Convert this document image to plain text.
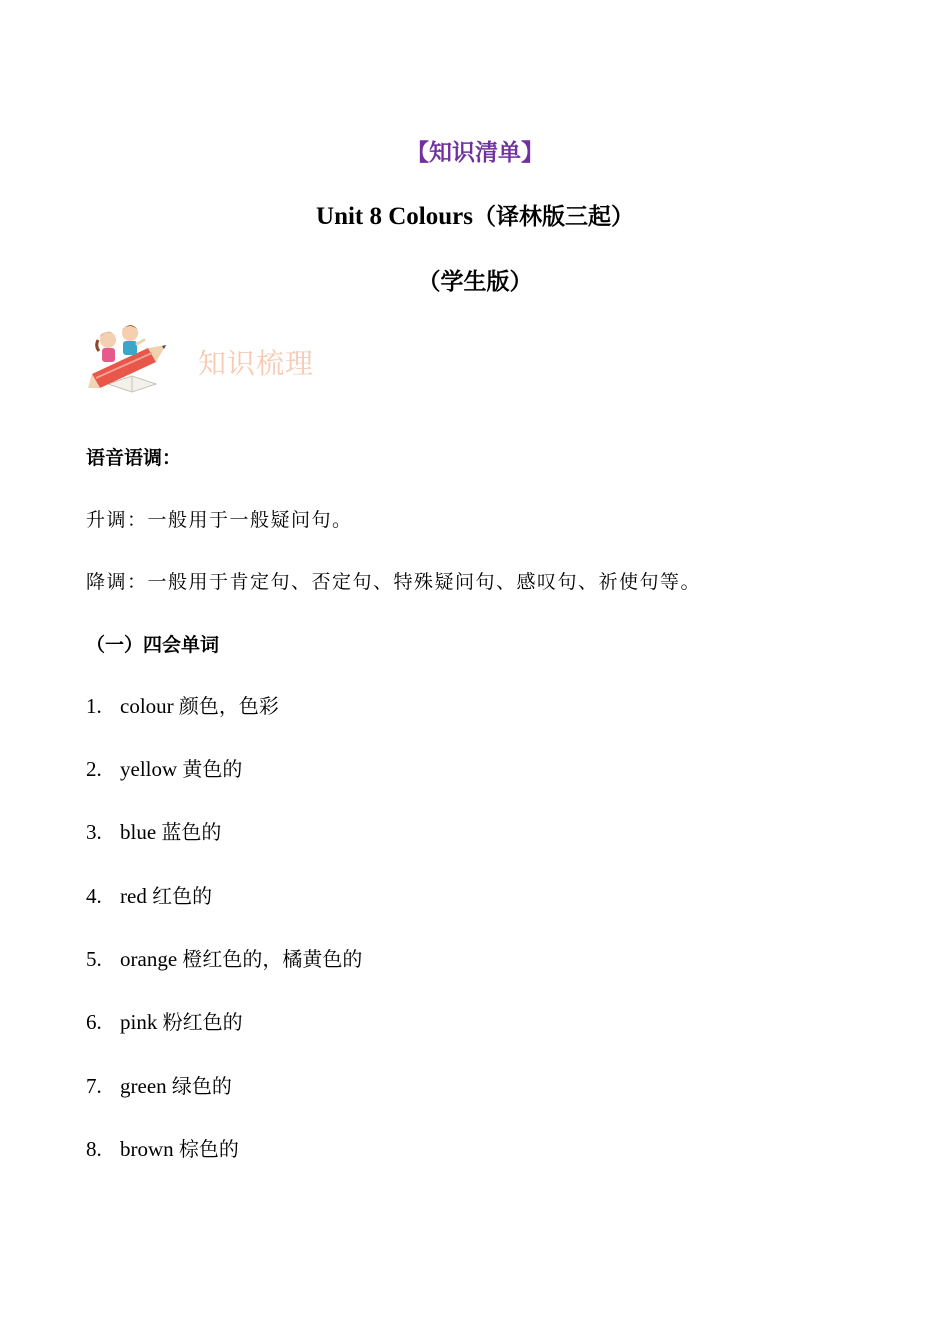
【知识清单】
Unit 8 Colours（译林版三起）
（学生版）
知识梳理
语音语调：
升调：一般用于一般疑问句。
降调：一般用于肯定句、否定句、特殊疑问句、感叹句、祈使句等。
（一）四会单词
1. colour 颜色，色彩
2. yellow 黄色的
3. blue 蓝色的
4. red 红色的
5. orange 橙红色的，橘黄色的
6. pink 粉红色的
7. green 绿色的
8. brown 棕色的
